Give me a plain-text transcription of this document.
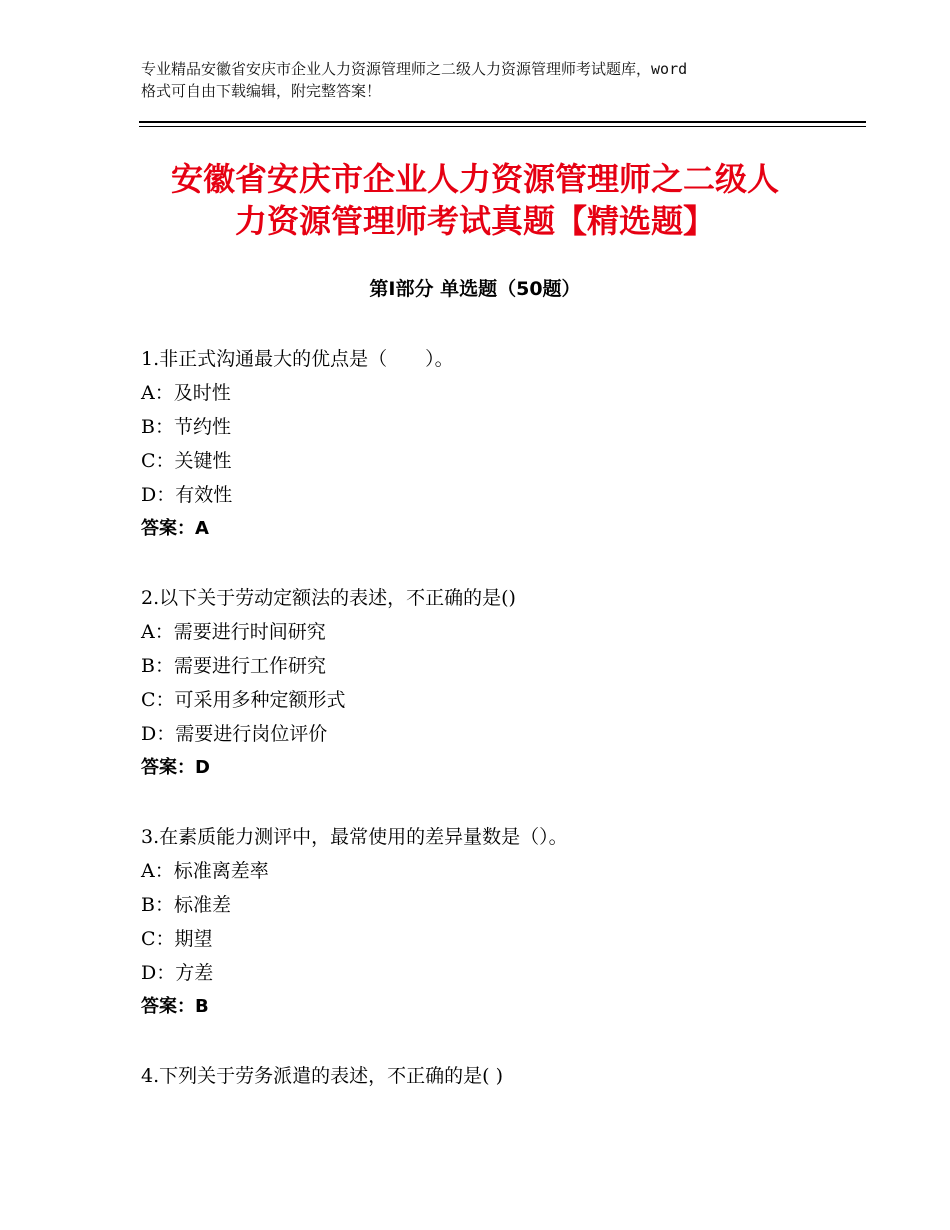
专业精品安徽省安庆市企业人力资源管理师之二级人力资源管理师考试题库，word
格式可自由下载编辑，附完整答案！
安徽省安庆市企业人力资源管理师之二级人
力资源管理师考试真题【精选题】
第Ⅰ部分 单选题（50题）

1.非正式沟通最大的优点是（　　）。

A：及时性

B：节约性

C：关键性

D：有效性

答案：A

2.以下关于劳动定额法的表述，不正确的是()

A：需要进行时间研究

B：需要进行工作研究

C：可采用多种定额形式

D：需要进行岗位评价

答案：D

3.在素质能力测评中，最常使用的差异量数是（）。

A：标准离差率

B：标准差

C：期望

D：方差

答案：B

4.下列关于劳务派遣的表述，不正确的是( )
